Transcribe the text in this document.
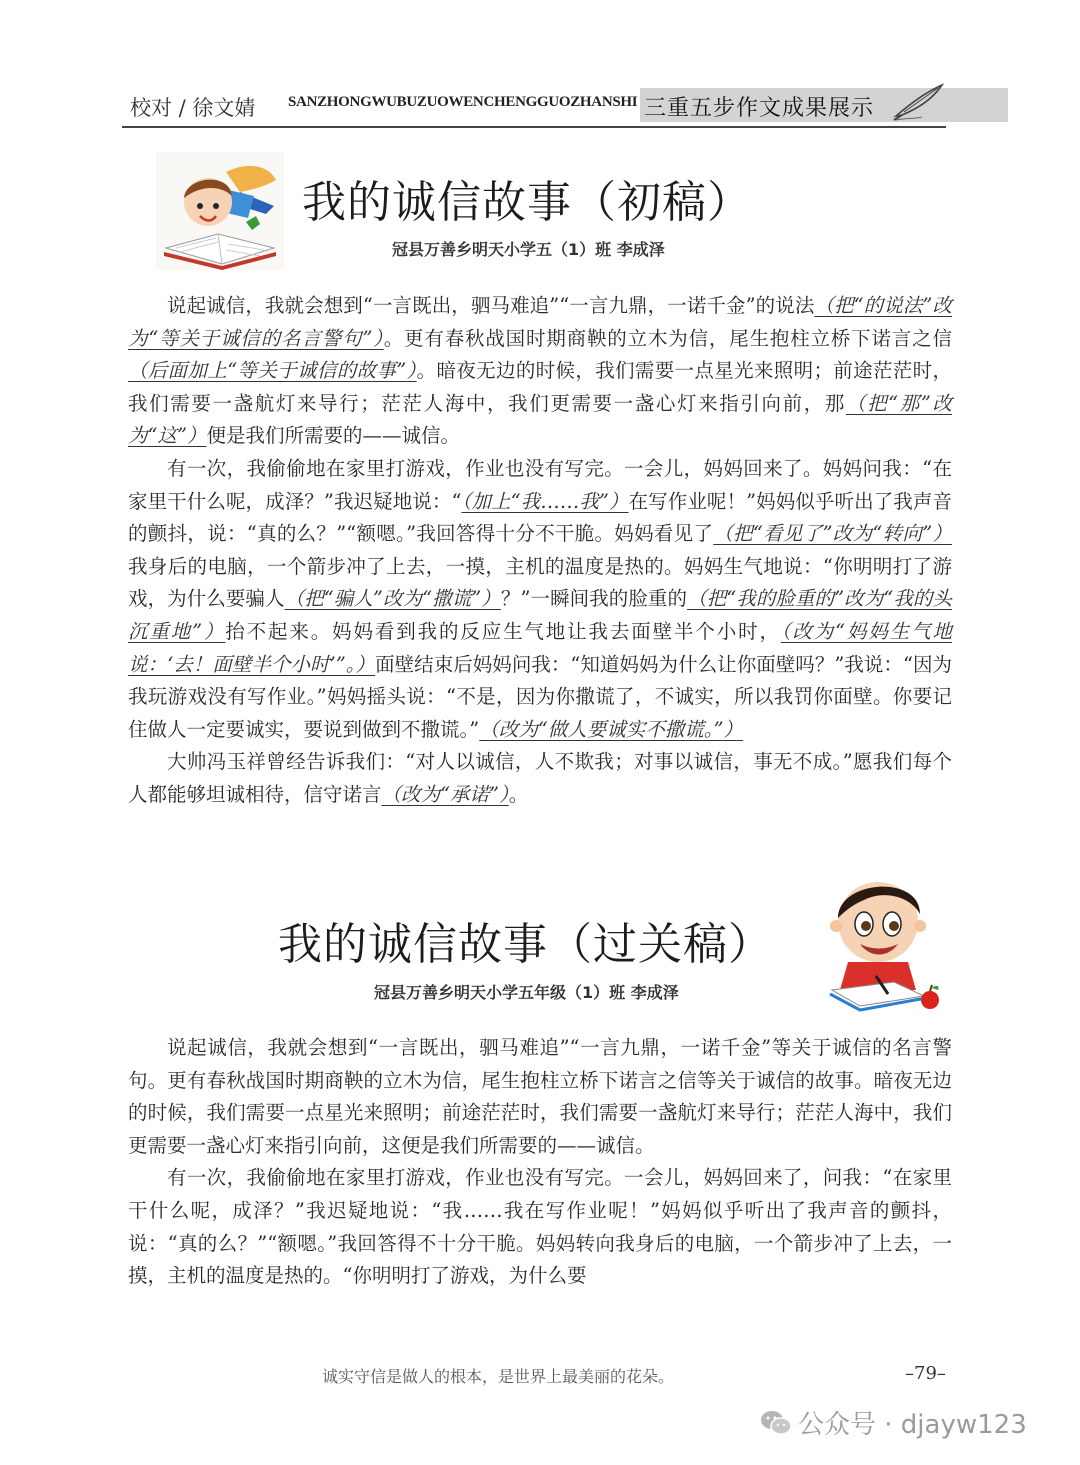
校对 / 徐文婧 SANZHONGWUBUZUOWENCHENGGUOZHANSHI 三重五步作文成果展示
我的诚信故事（初稿）
冠县万善乡明天小学五（1）班 李成泽

说起诚信，我就会想到“一言既出，驷马难追”“一言九鼎，一诺千金”的说法（把“的说法”改为“等关于诚信的名言警句”）。更有春秋战国时期商鞅的立木为信，尾生抱柱立桥下诺言之信（后面加上“等关于诚信的故事”）。暗夜无边的时候，我们需要一点星光来照明；前途茫茫时，我们需要一盏航灯来导行；茫茫人海中，我们更需要一盏心灯来指引向前，那（把“那”改为“这”）便是我们所需要的——诚信。

有一次，我偷偷地在家里打游戏，作业也没有写完。一会儿，妈妈回来了。妈妈问我：“在家里干什么呢，成泽？”我迟疑地说：“（加上“我……我”）在写作业呢！”妈妈似乎听出了我声音的颤抖，说：“真的么？”“额嗯。”我回答得十分不干脆。妈妈看见了（把“看见了”改为“转向”）我身后的电脑，一个箭步冲了上去，一摸，主机的温度是热的。妈妈生气地说：“你明明打了游戏，为什么要骗人（把“骗人”改为“撒谎”）？”一瞬间我的脸重的（把“我的脸重的”改为“我的头沉重地”）抬不起来。妈妈看到我的反应生气地让我去面壁半个小时，（改为“妈妈生气地说：‘去！面壁半个小时’”。）面壁结束后妈妈问我：“知道妈妈为什么让你面壁吗？”我说：“因为我玩游戏没有写作业。”妈妈摇头说：“不是，因为你撒谎了，不诚实，所以我罚你面壁。你要记住做人一定要诚实，要说到做到不撒谎。”（改为“做人要诚实不撒谎。”）

大帅冯玉祥曾经告诉我们：“对人以诚信，人不欺我；对事以诚信，事无不成。”愿我们每个人都能够坦诚相待，信守诺言（改为“承诺”）。

我的诚信故事（过关稿）
冠县万善乡明天小学五年级（1）班 李成泽

说起诚信，我就会想到“一言既出，驷马难追”“一言九鼎，一诺千金”等关于诚信的名言警句。更有春秋战国时期商鞅的立木为信，尾生抱柱立桥下诺言之信等关于诚信的故事。暗夜无边的时候，我们需要一点星光来照明；前途茫茫时，我们需要一盏航灯来导行；茫茫人海中，我们更需要一盏心灯来指引向前，这便是我们所需要的——诚信。

有一次，我偷偷地在家里打游戏，作业也没有写完。一会儿，妈妈回来了，问我：“在家里干什么呢，成泽？”我迟疑地说：“我……我在写作业呢！”妈妈似乎听出了我声音的颤抖，说：“真的么？”“额嗯。”我回答得不十分干脆。妈妈转向我身后的电脑，一个箭步冲了上去，一摸，主机的温度是热的。“你明明打了游戏，为什么要

诚实守信是做人的根本，是世界上最美丽的花朵。	–79–
公众号 · djayw123
